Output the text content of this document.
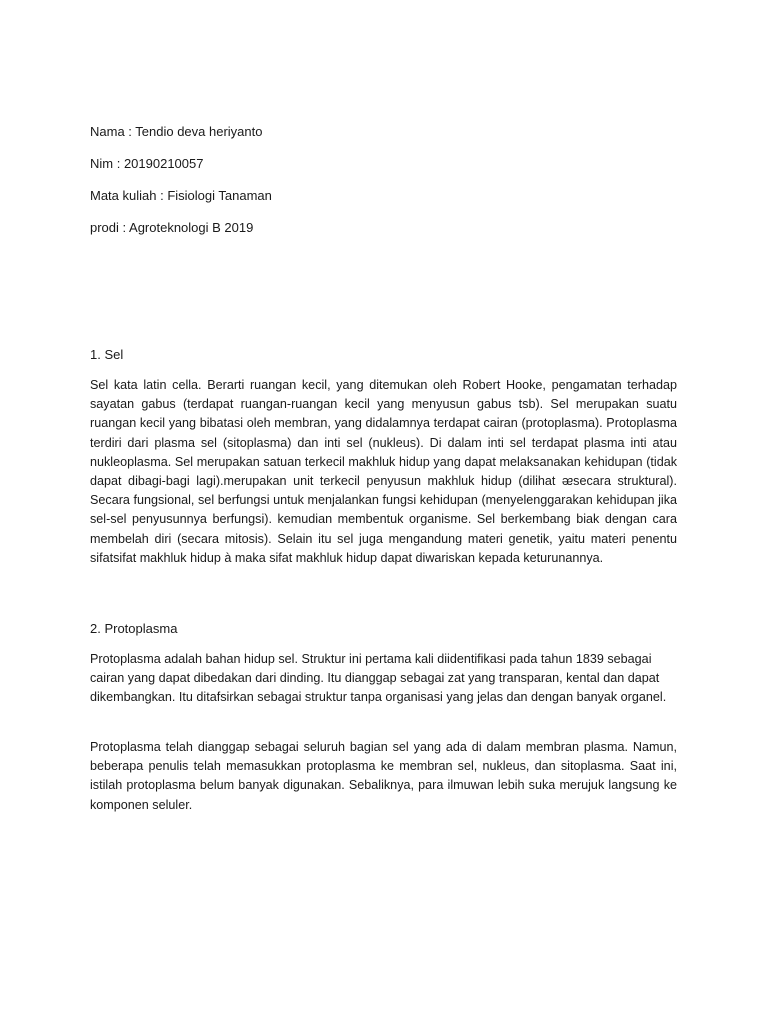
Nama : Tendio deva heriyanto
Nim : 20190210057
Mata kuliah : Fisiologi Tanaman
prodi : Agroteknologi B 2019
1. Sel

Sel kata latin cella. Berarti ruangan kecil, yang ditemukan oleh Robert Hooke, pengamatan terhadap sayatan gabus (terdapat ruangan-ruangan kecil yang menyusun gabus tsb). Sel merupakan suatu ruangan kecil yang bibatasi oleh membran, yang didalamnya terdapat cairan (protoplasma). Protoplasma terdiri dari plasma sel (sitoplasma) dan inti sel (nukleus). Di dalam inti sel terdapat plasma inti atau nukleoplasma. Sel merupakan satuan terkecil makhluk hidup yang dapat melaksanakan kehidupan (tidak dapat dibagi-bagi lagi).merupakan unit terkecil penyusun makhluk hidup (dilihat ᴂsecara struktural). Secara fungsional, sel berfungsi untuk menjalankan fungsi kehidupan (menyelenggarakan kehidupan jika sel-sel penyusunnya berfungsi). kemudian membentuk organisme. Sel berkembang biak dengan cara membelah diri (secara mitosis). Selain itu sel juga mengandung materi genetik, yaitu materi penentu sifatsifat makhluk hidup à maka sifat makhluk hidup dapat diwariskan kepada keturunannya.

2. Protoplasma

Protoplasma adalah bahan hidup sel. Struktur ini pertama kali diidentifikasi pada tahun 1839 sebagai cairan yang dapat dibedakan dari dinding. Itu dianggap sebagai zat yang transparan, kental dan dapat dikembangkan. Itu ditafsirkan sebagai struktur tanpa organisasi yang jelas dan dengan banyak organel.

Protoplasma telah dianggap sebagai seluruh bagian sel yang ada di dalam membran plasma. Namun, beberapa penulis telah memasukkan protoplasma ke membran sel, nukleus, dan sitoplasma. Saat ini, istilah protoplasma belum banyak digunakan. Sebaliknya, para ilmuwan lebih suka merujuk langsung ke komponen seluler.
